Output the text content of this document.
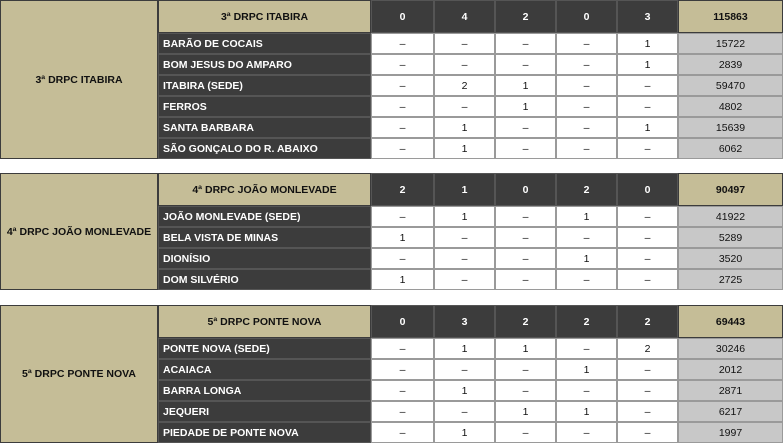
3ª DRPC ITABIRA
3ª DRPC ITABIRA	0	4	2	0	3	115863
BARÃO DE COCAIS	–	–	–	–	1	15722
BOM JESUS DO AMPARO	–	–	–	–	1	2839
ITABIRA (SEDE)	–	2	1	–	–	59470
FERROS	–	–	1	–	–	4802
SANTA BARBARA	–	1	–	–	1	15639
SÃO GONÇALO DO R. ABAIXO	–	1	–	–	–	6062
4ª DRPC JOÃO MONLEVADE
4ª DRPC JOÃO MONLEVADE	2	1	0	2	0	90497
JOÃO MONLEVADE (SEDE)	–	1	–	1	–	41922
BELA VISTA DE MINAS	1	–	–	–	–	5289
DIONÍSIO	–	–	–	1	–	3520
DOM SILVÉRIO	1	–	–	–	–	2725
5ª DRPC PONTE NOVA
5ª DRPC PONTE NOVA	0	3	2	2	2	69443
PONTE NOVA (SEDE)	–	1	1	–	2	30246
ACAIACA	–	–	–	1	–	2012
BARRA LONGA	–	1	–	–	–	2871
JEQUERI	–	–	1	1	–	6217
PIEDADE DE PONTE NOVA	–	1	–	–	–	1997
